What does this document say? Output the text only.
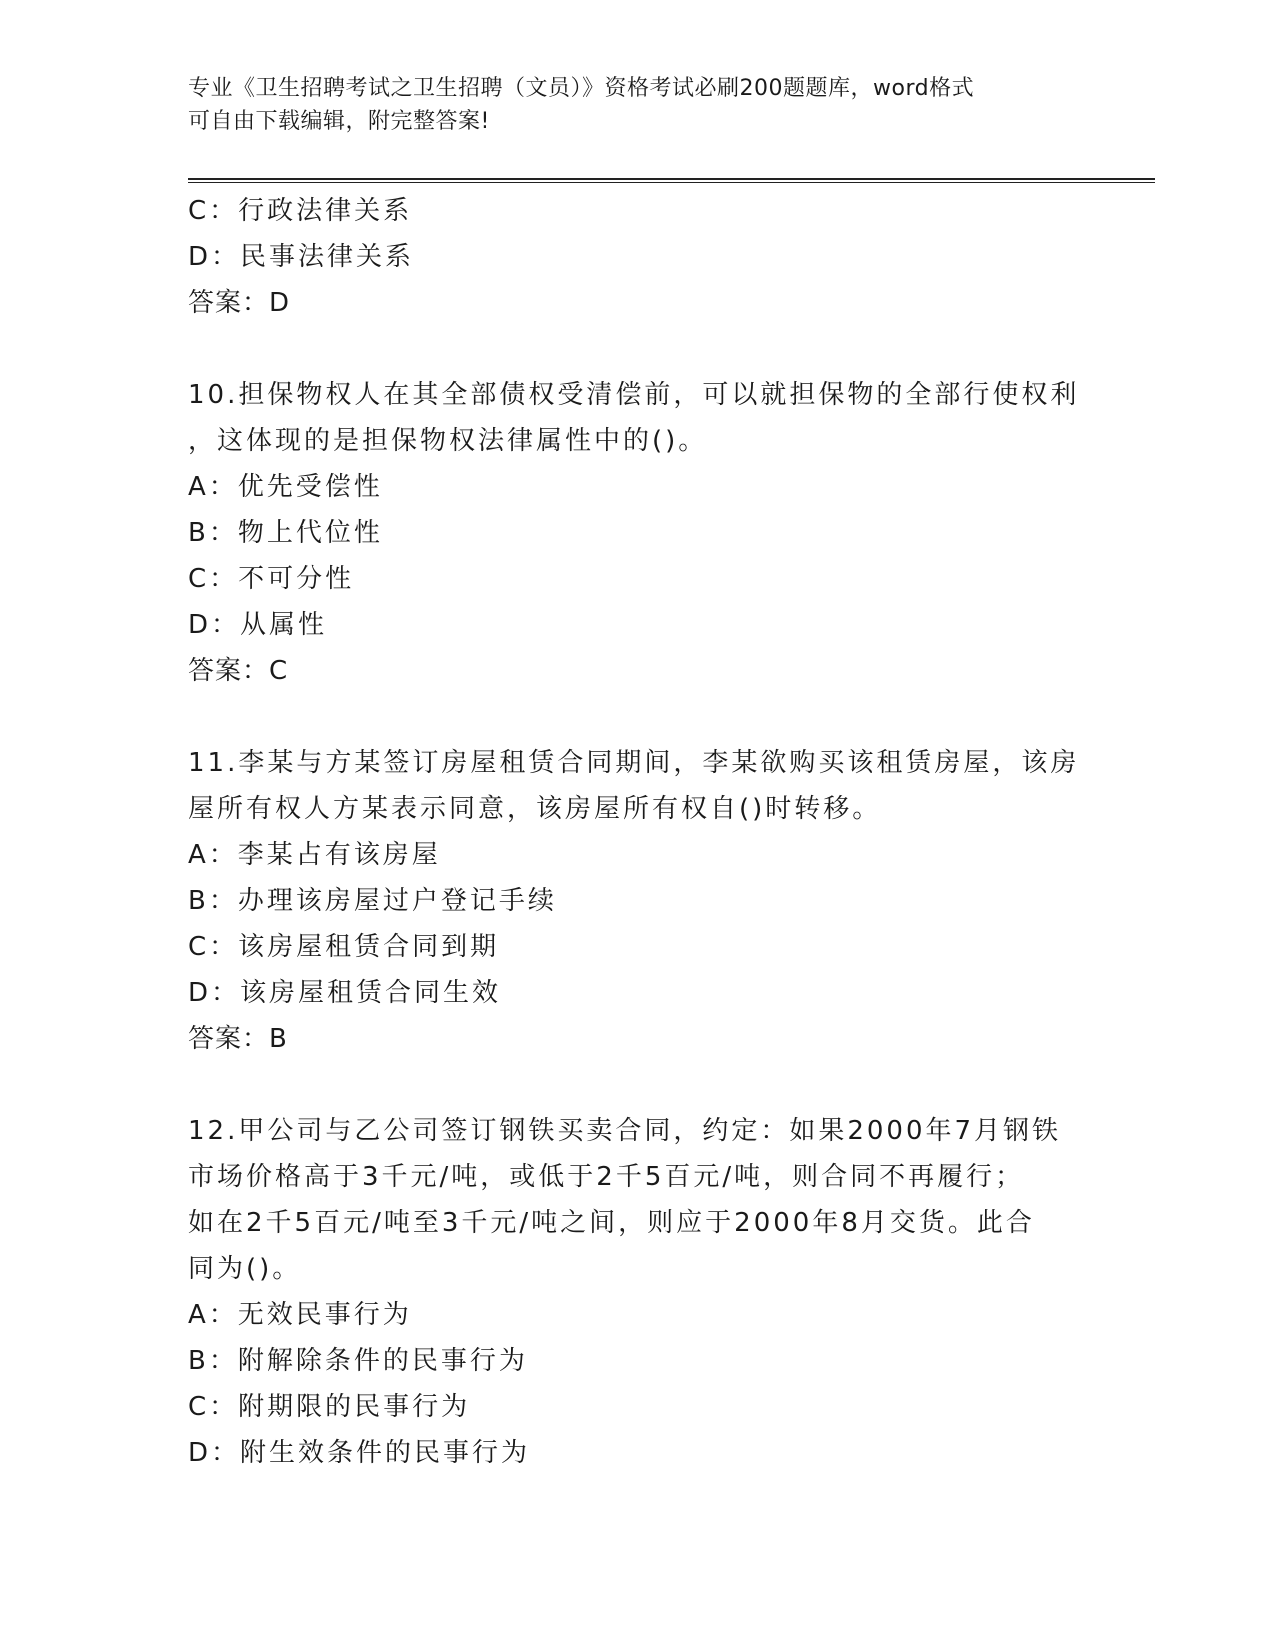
专业《卫生招聘考试之卫生招聘（文员）》资格考试必刷200题题库，word格式
可自由下载编辑，附完整答案!
C：行政法律关系
D：民事法律关系
答案：D
10.担保物权人在其全部债权受清偿前，可以就担保物的全部行使权利
，这体现的是担保物权法律属性中的()。
A：优先受偿性
B：物上代位性
C：不可分性
D：从属性
答案：C
11.李某与方某签订房屋租赁合同期间，李某欲购买该租赁房屋，该房
屋所有权人方某表示同意，该房屋所有权自()时转移。
A：李某占有该房屋
B：办理该房屋过户登记手续
C：该房屋租赁合同到期
D：该房屋租赁合同生效
答案：B
12.甲公司与乙公司签订钢铁买卖合同，约定：如果2000年7月钢铁
市场价格高于3千元/吨，或低于2千5百元/吨，则合同不再履行；
如在2千5百元/吨至3千元/吨之间，则应于2000年8月交货。此合
同为()。
A：无效民事行为
B：附解除条件的民事行为
C：附期限的民事行为
D：附生效条件的民事行为
